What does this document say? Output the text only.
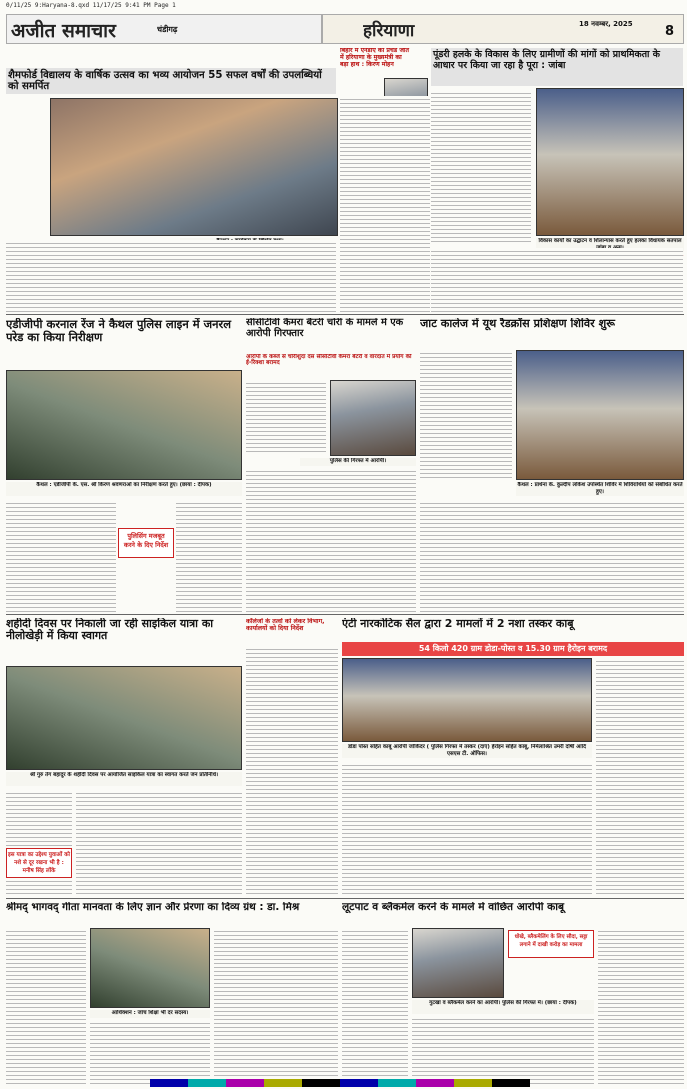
0/11/25 9:Haryana-8.qxd 11/17/25 9:41 PM Page 1
अजीत समाचार	चंडीगढ़	हरियाणा	18 नवम्बर, 2025	8
शैमफोर्ड विद्यालय के वार्षिक उत्सव का भव्य आयोजन 55 सफल वर्षों की उपलब्धियों को समर्पित
बिहार में एनडीए की प्रचंड जीत में हरियाणा के मुख्यमंत्री का बड़ा हाथ : किरण मोहन
पूंडरी हलके के विकास के लिए ग्रामीणों की मांगों को प्राथमिकता के आधार पर किया जा रहा है पूरा : जांबा
विकास कार्यों का उद्घाटन व शिलान्यास करते हुए हलका विधायक सतपाल
एडीजीपी करनाल रेंज ने कैथल पुलिस लाइन में जनरल परेड का किया निरीक्षण
कैथल : एडीजीपी के. एस. श्री किरण श्रवणराओं का निरीक्षण करते हुए। (छाया : दीपक)
पुलिसिंग मजबूत करने के दिए निर्देश
सीसीटीवी कैमरा बैटरी चोरी के मामले में एक आरोपी गिरफ्तार
आरोपी के कब्जे से चोरीशुदा दस सीसीटीवी कैमरा बैटरी व वारदात में प्रयोग की ई-रिक्शा बरामद
पुलिस की गिरफ्त में आरोपी।
जाट कालेज में यूथ रैडक्रॉस प्रशिक्षण शिविर शुरू
कैथल : प्रार्थना के. कुल्दीप लोकेश उपस्थित शिविर में शिविरार्थियों को संबोधित करते हुए।
शहीदी दिवस पर निकाली जा रही साइकिल यात्रा का नीलोखेड़ी में किया स्वागत
श्री गुरु तेग बहादुर के शहीदी दिवस पर आयोजित साइकिल यात्रा का स्वागत करते जन प्रतिनिधि।
इस यात्रा का उद्देश्य युवाओं को नशे से दूर रखना भी है : मनीष सिंह लोंके
कॉलेजों के तत्वों को लेकर विभाग, कार्यालयों को दिया निर्देश	एंटी नारकोटिक सैल द्वारा 2 मामलों में 2 नशा तस्कर काबू
54 किलो 420 ग्राम डोडा-पोस्त व 15.30 ग्राम हैरोइन बरामद
डोडा पोस्त सहित काबू आरोपी जोकिंदर ( पुलिस गिरफ्त में तस्कर (दाएं) हेरोइन सहित काबू, निर्मलाश्रित उमरी दोषी आदि एसएस टी. ऑफिस।
श्रीमद् भागवद् गीता मानवता के लिए ज्ञान और प्रेरणा का दिव्य ग्रंथ : डा. मिश्र
आर्थिक्शन : जांच शिक्षा भी दर सदस्य।
लूटपाट व ब्लैकमेल करने के मामले में वांछित आरोपी काबू
धोखे, ब्लैकमेलिंग के लिए सौदा, सट्टा लगाने में दाखी करोड़ का मामला
गुटखा व ब्लैकमेल करने का आरोपी। पुलिस की गिरफ्त में। (छाया : दीपक)
